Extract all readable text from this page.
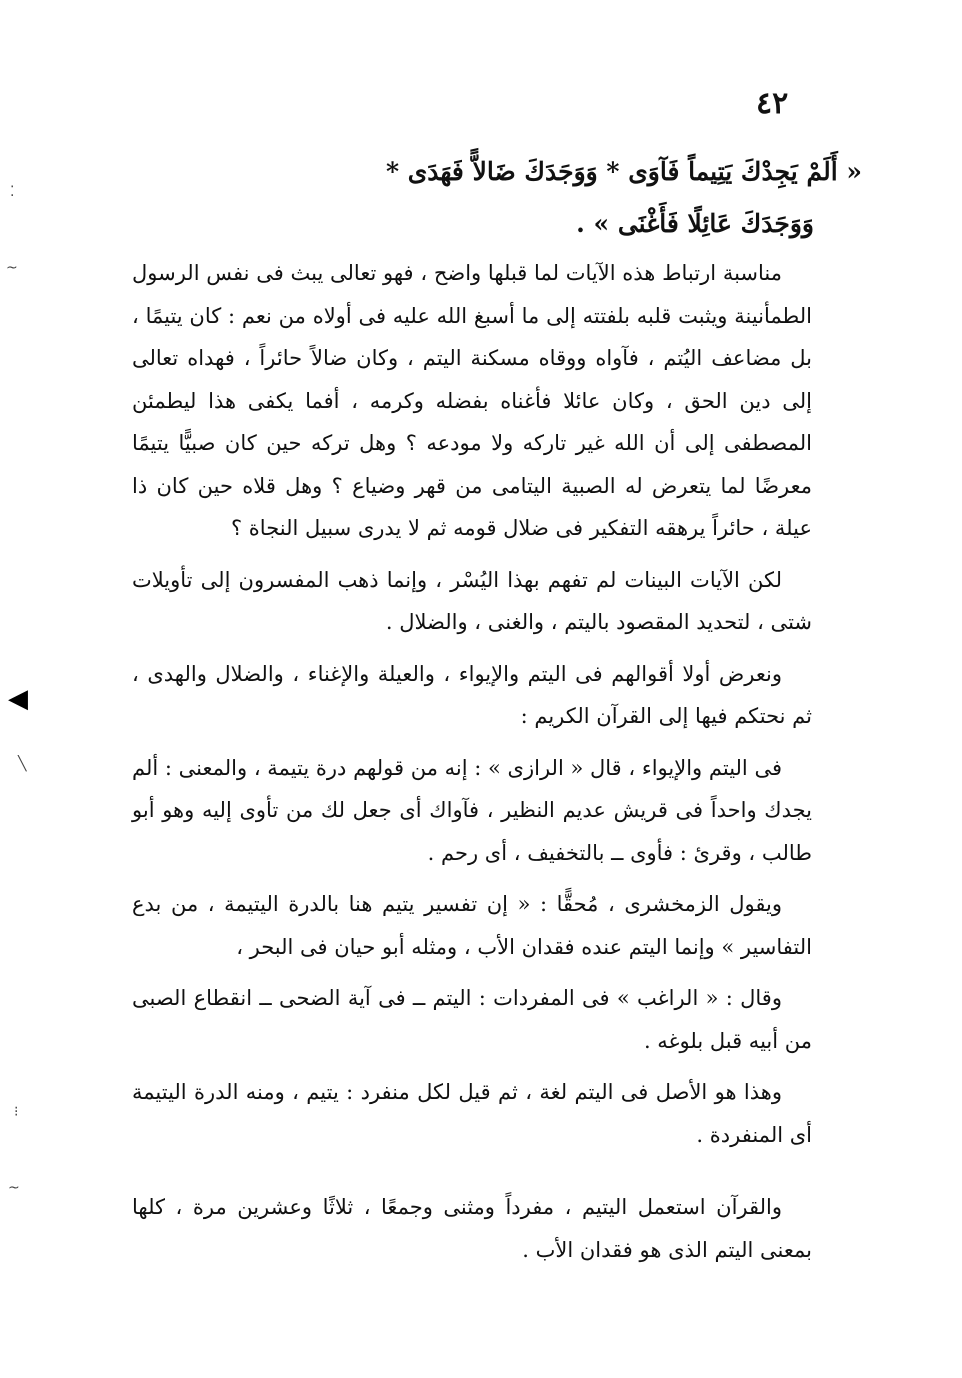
٤٢
« أَلَمْ يَجِدْكَ يَتِيماً فَآوَى * وَوَجَدَكَ ضَالاًّ فَهَدَى *
وَوَجَدَكَ عَائِلًا فَأَغْنَى » .

مناسبة ارتباط هذه الآيات لما قبلها واضح ، فهو تعالى يبث فى نفس الرسول الطمأنينة ويثبت قلبه بلفتته إلى ما أسبغ الله عليه فى أولاه من نعم : كان يتيمًا ، بل مضاعف اليُتم ، فآواه ووقاه مسكنة اليتم ، وكان ضالاً حائراً ، فهداه تعالى إلى دين الحق ، وكان عائلا فأغناه بفضله وكرمه ، أفما يكفى هذا ليطمئن المصطفى إلى أن الله غير تاركه ولا مودعه ؟ وهل تركه حين كان صبيًّا يتيمًا معرضًا لما يتعرض له الصبية اليتامى من قهر وضياع ؟ وهل قلاه حين كان ذا عيلة ، حائراً يرهقه التفكير فى ضلال قومه ثم لا يدرى سبيل النجاة ؟

لكن الآيات البينات لم تفهم بهذا اليُسْر ، وإنما ذهب المفسرون إلى تأويلات شتى ، لتحديد المقصود باليتم ، والغنى ، والضلال .

ونعرض أولا أقوالهم فى اليتم والإيواء ، والعيلة والإغناء ، والضلال والهدى ، ثم نحتكم فيها إلى القرآن الكريم :

فى اليتم والإيواء ، قال « الرازى » : إنه من قولهم درة يتيمة ، والمعنى : ألم يجدك واحداً فى قريش عديم النظير ، فآواك أى جعل لك من تأوى إليه وهو أبو طالب ، وقرئ : فأوى ــ بالتخفيف ، أى رحم .

ويقول الزمخشرى ، مُحقًّا : « إن تفسير يتيم هنا بالدرة اليتيمة ، من بدع التفاسير » وإنما اليتم عنده فقدان الأب ، ومثله أبو حيان فى البحر ،

وقال : « الراغب » فى المفردات : اليتم ــ فى آية الضحى ــ انقطاع الصبى من أبيه قبل بلوغه .

وهذا هو الأصل فى اليتم لغة ، ثم قيل لكل منفرد : يتيم ، ومنه الدرة اليتيمة أى المنفردة .

والقرآن استعمل اليتيم ، مفرداً ومثنى وجمعًا ، ثلاثًا وعشرين مرة ، كلها بمعنى اليتم الذى هو فقدان الأب .

⁚
~
◀
╲
⁝
~
